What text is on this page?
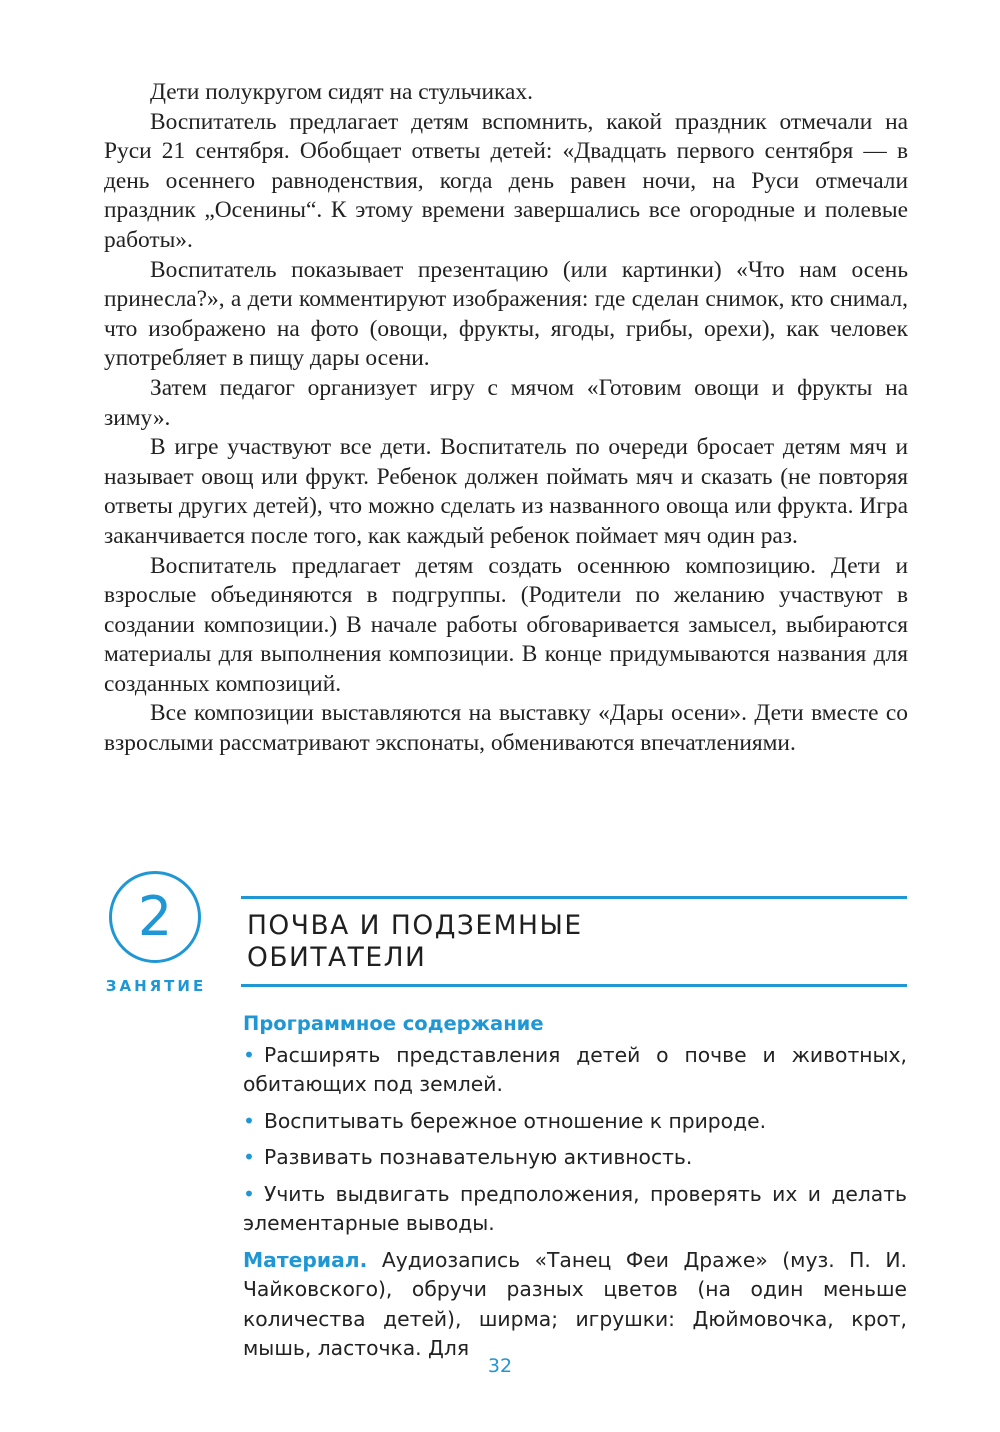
Дети полукругом сидят на стульчиках.

Воспитатель предлагает детям вспомнить, какой праздник отмечали на Руси 21 сентября. Обобщает ответы детей: «Двадцать первого сентября — в день осеннего равноденствия, когда день равен ночи, на Руси отмечали праздник „Осенины“. К этому времени завершались все огородные и полевые работы».

Воспитатель показывает презентацию (или картинки) «Что нам осень принесла?», а дети комментируют изображения: где сделан снимок, кто снимал, что изображено на фото (овощи, фрукты, ягоды, грибы, орехи), как человек употребляет в пищу дары осени.

Затем педагог организует игру с мячом «Готовим овощи и фрукты на зиму».

В игре участвуют все дети. Воспитатель по очереди бросает детям мяч и называет овощ или фрукт. Ребенок должен поймать мяч и сказать (не повторяя ответы других детей), что можно сделать из названного овоща или фрукта. Игра заканчивается после того, как каждый ребенок поймает мяч один раз.

Воспитатель предлагает детям создать осеннюю композицию. Дети и взрослые объединяются в подгруппы. (Родители по желанию участвуют в создании композиции.) В начале работы обговаривается замысел, выбираются материалы для выполнения композиции. В конце придумываются названия для созданных композиций.

Все композиции выставляются на выставку «Дары осени». Дети вместе со взрослыми рассматривают экспонаты, обмениваются впечатлениями.

2
ЗАНЯТИЕ
ПОЧВА И ПОДЗЕМНЫЕ
ОБИТАТЕЛИ
Программное содержание
• Расширять представления детей о почве и животных, обитающих под землей.
• Воспитывать бережное отношение к природе.
• Развивать познавательную активность.
• Учить выдвигать предположения, проверять их и делать элементарные выводы.

Материал. Аудиозапись «Танец Феи Драже» (муз. П. И. Чайковского), обручи разных цветов (на один меньше количества детей), ширма; игрушки: Дюймовочка, крот, мышь, ласточка. Для

32
